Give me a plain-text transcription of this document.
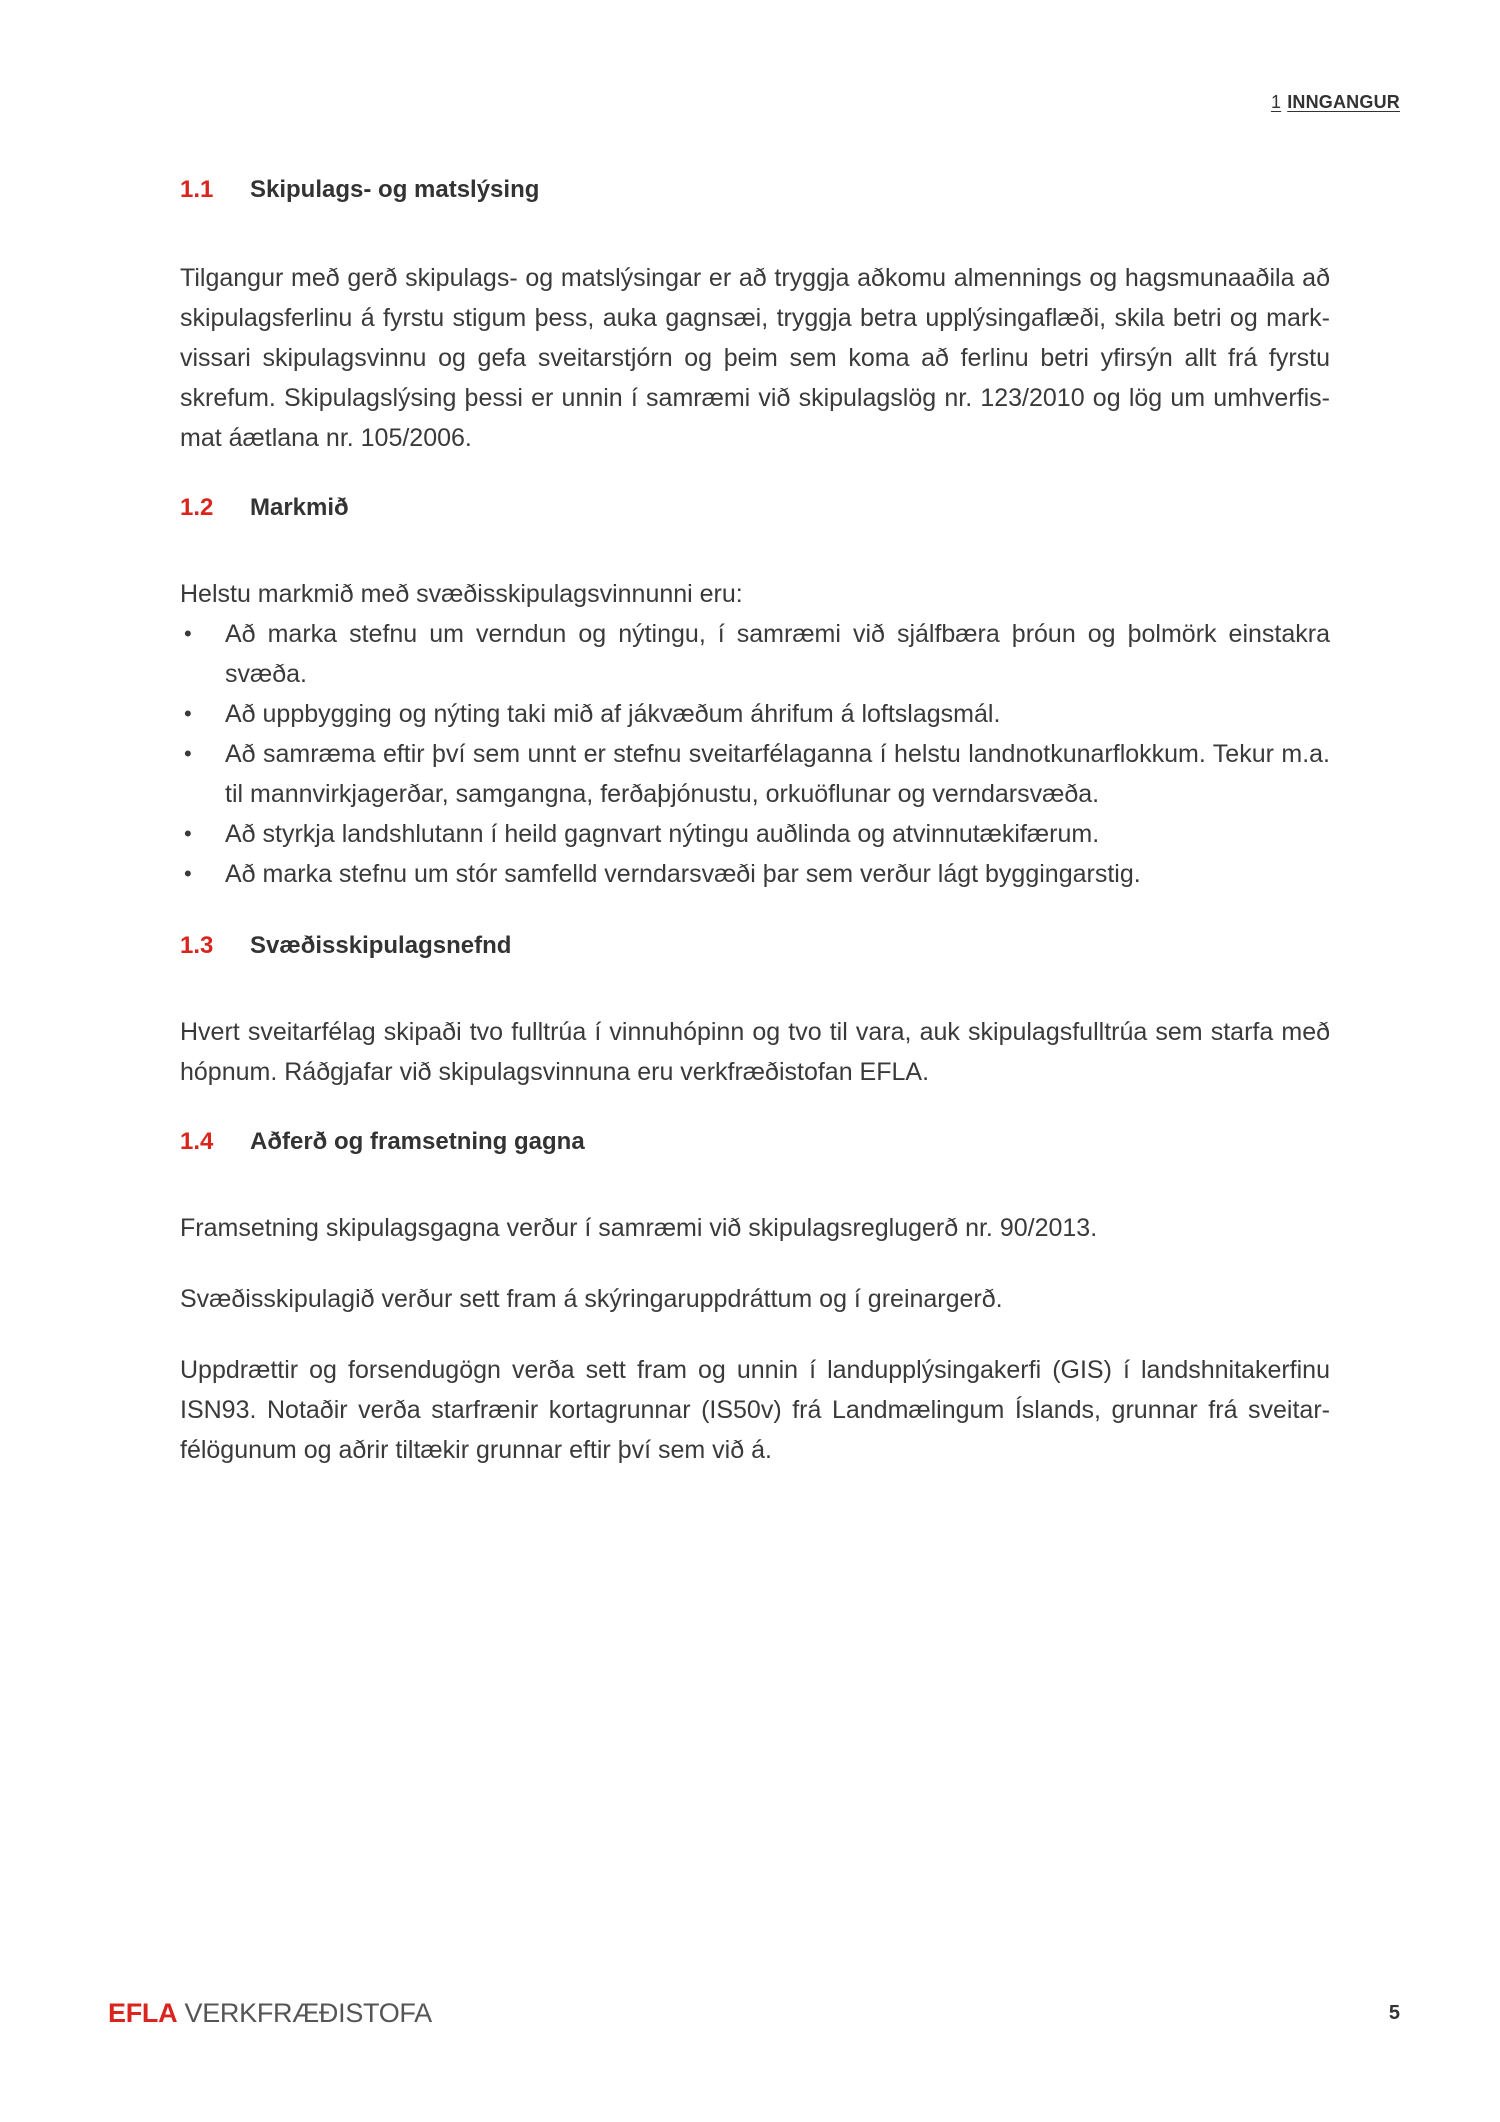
1 INNGANGUR
1.1	Skipulags- og matslýsing

Tilgangur með gerð skipulags- og matslýsingar er að tryggja aðkomu almennings og hagsmunaaðila að skipulagsferlinu á fyrstu stigum þess, auka gagnsæi, tryggja betra upplýsingaflæði, skila betri og mark-vissari skipulagsvinnu og gefa sveitarstjórn og þeim sem koma að ferlinu betri yfirsýn allt frá fyrstu skrefum. Skipulagslýsing þessi er unnin í samræmi við skipulagslög nr. 123/2010 og lög um umhverfis-mat áætlana nr. 105/2006.

1.2	Markmið

Helstu markmið með svæðisskipulagsvinnunni eru:

• Að marka stefnu um verndun og nýtingu, í samræmi við sjálfbæra þróun og þolmörk einstakra svæða.
• Að uppbygging og nýting taki mið af jákvæðum áhrifum á loftslagsmál.
• Að samræma eftir því sem unnt er stefnu sveitarfélaganna í helstu landnotkunarflokkum. Tekur m.a. til mannvirkjagerðar, samgangna, ferðaþjónustu, orkuöflunar og verndarsvæða.
• Að styrkja landshlutann í heild gagnvart nýtingu auðlinda og atvinnutækifærum.
• Að marka stefnu um stór samfelld verndarsvæði þar sem verður lágt byggingarstig.
1.3	Svæðisskipulagsnefnd

Hvert sveitarfélag skipaði tvo fulltrúa í vinnuhópinn og tvo til vara, auk skipulagsfulltrúa sem starfa með hópnum. Ráðgjafar við skipulagsvinnuna eru verkfræðistofan EFLA.

1.4	Aðferð og framsetning gagna

Framsetning skipulagsgagna verður í samræmi við skipulagsreglugerð nr. 90/2013.

Svæðisskipulagið verður sett fram á skýringaruppdráttum og í greinargerð.

Uppdrættir og forsendugögn verða sett fram og unnin í landupplýsingakerfi (GIS) í landshnitakerfinu ISN93. Notaðir verða starfrænir kortagrunnar (IS50v) frá Landmælingum Íslands, grunnar frá sveitar-félögunum og aðrir tiltækir grunnar eftir því sem við á.

EFLA VERKFRÆÐISTOFA	5
